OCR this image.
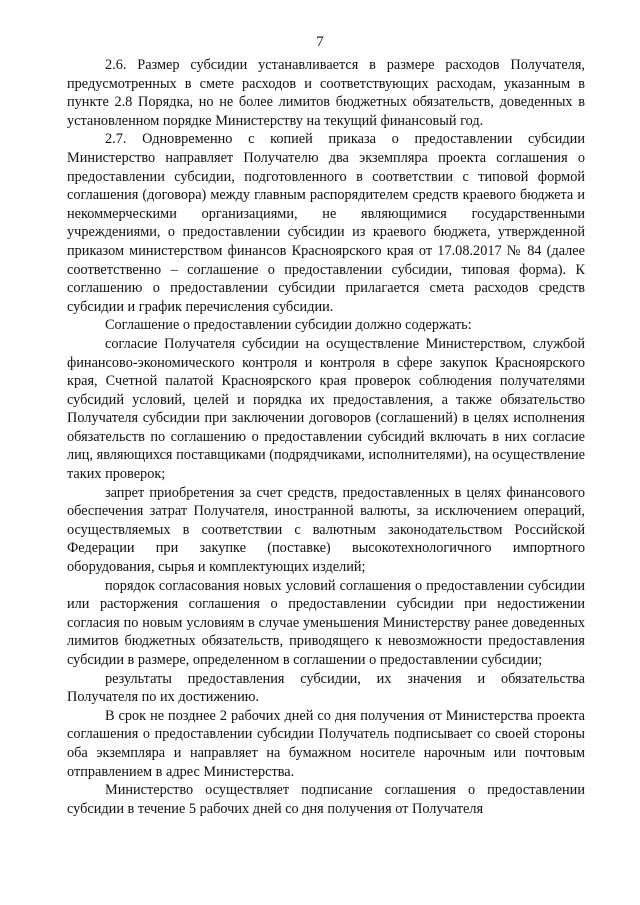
7

2.6. Размер субсидии устанавливается в размере расходов Получателя, предусмотренных в смете расходов и соответствующих расходам, указанным в пункте 2.8 Порядка, но не более лимитов бюджетных обязательств, доведенных в установленном порядке Министерству на текущий финансовый год.

2.7. Одновременно с копией приказа о предоставлении субсидии Министерство направляет Получателю два экземпляра проекта соглашения о предоставлении субсидии, подготовленного в соответствии с типовой формой соглашения (договора) между главным распорядителем средств краевого бюджета и некоммерческими организациями, не являющимися государственными учреждениями, о предоставлении субсидии из краевого бюджета, утвержденной приказом министерством финансов Красноярского края от 17.08.2017 № 84 (далее соответственно – соглашение о предоставлении субсидии, типовая форма). К соглашению о предоставлении субсидии прилагается смета расходов средств субсидии и график перечисления субсидии.

Соглашение о предоставлении субсидии должно содержать:

согласие Получателя субсидии на осуществление Министерством, службой финансово-экономического контроля и контроля в сфере закупок Красноярского края, Счетной палатой Красноярского края проверок соблюдения получателями субсидий условий, целей и порядка их предоставления, а также обязательство Получателя субсидии при заключении договоров (соглашений) в целях исполнения обязательств по соглашению о предоставлении субсидий включать в них согласие лиц, являющихся поставщиками (подрядчиками, исполнителями), на осуществление таких проверок;

запрет приобретения за счет средств, предоставленных в целях финансового обеспечения затрат Получателя, иностранной валюты, за исключением операций, осуществляемых в соответствии с валютным законодательством Российской Федерации при закупке (поставке) высокотехнологичного импортного оборудования, сырья и комплектующих изделий;

порядок согласования новых условий соглашения о предоставлении субсидии или расторжения соглашения о предоставлении субсидии при недостижении согласия по новым условиям в случае уменьшения Министерству ранее доведенных лимитов бюджетных обязательств, приводящего к невозможности предоставления субсидии в размере, определенном в соглашении о предоставлении субсидии;

результаты предоставления субсидии, их значения и обязательства Получателя по их достижению.

В срок не позднее 2 рабочих дней со дня получения от Министерства проекта соглашения о предоставлении субсидии Получатель подписывает со своей стороны оба экземпляра и направляет на бумажном носителе нарочным или почтовым отправлением в адрес Министерства.

Министерство осуществляет подписание соглашения о предоставлении субсидии в течение 5 рабочих дней со дня получения от Получателя
